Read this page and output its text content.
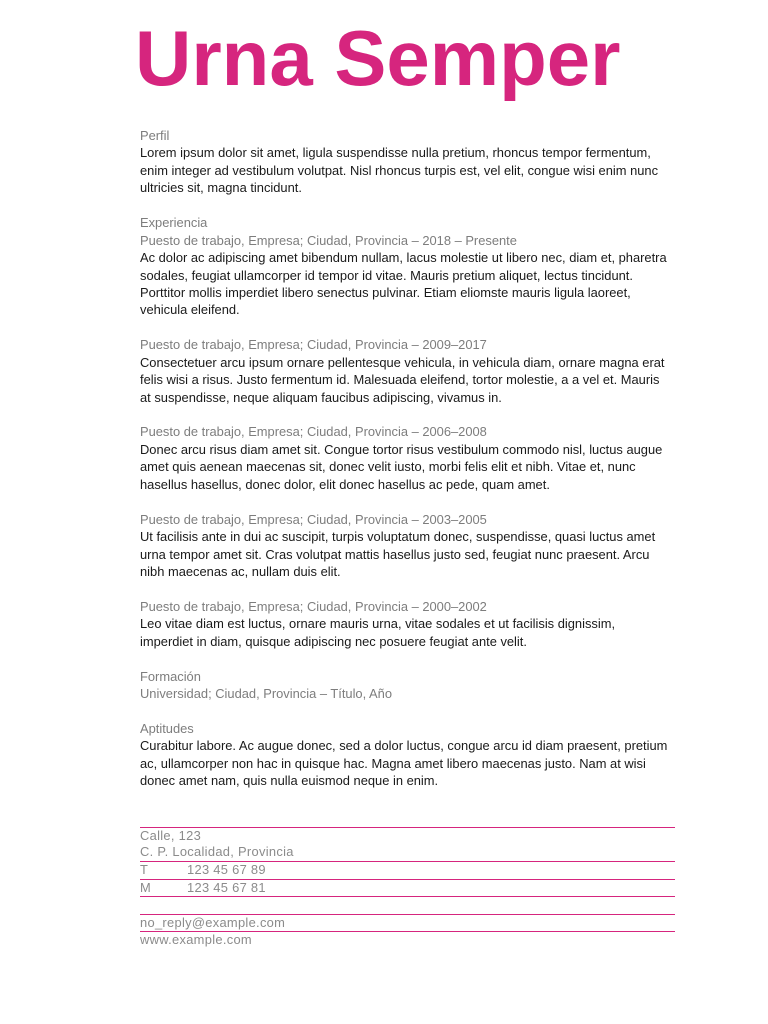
Urna Semper
Perfil
Lorem ipsum dolor sit amet, ligula suspendisse nulla pretium, rhoncus tempor fermentum,
enim integer ad vestibulum volutpat. Nisl rhoncus turpis est, vel elit, congue wisi enim nunc
ultricies sit, magna tincidunt.
Experiencia
Puesto de trabajo, Empresa; Ciudad, Provincia – 2018 – Presente
Ac dolor ac adipiscing amet bibendum nullam, lacus molestie ut libero nec, diam et, pharetra
sodales, feugiat ullamcorper id tempor id vitae. Mauris pretium aliquet, lectus tincidunt.
Porttitor mollis imperdiet libero senectus pulvinar. Etiam eliomste mauris ligula laoreet,
vehicula eleifend.
Puesto de trabajo, Empresa; Ciudad, Provincia – 2009–2017
Consectetuer arcu ipsum ornare pellentesque vehicula, in vehicula diam, ornare magna erat
felis wisi a risus. Justo fermentum id. Malesuada eleifend, tortor molestie, a a vel et. Mauris
at suspendisse, neque aliquam faucibus adipiscing, vivamus in.
Puesto de trabajo, Empresa; Ciudad, Provincia – 2006–2008
Donec arcu risus diam amet sit. Congue tortor risus vestibulum commodo nisl, luctus augue
amet quis aenean maecenas sit, donec velit iusto, morbi felis elit et nibh. Vitae et, nunc
hasellus hasellus, donec dolor, elit donec hasellus ac pede, quam amet.
Puesto de trabajo, Empresa; Ciudad, Provincia – 2003–2005
Ut facilisis ante in dui ac suscipit, turpis voluptatum donec, suspendisse, quasi luctus amet
urna tempor amet sit. Cras volutpat mattis hasellus justo sed, feugiat nunc praesent. Arcu
nibh maecenas ac, nullam duis elit.
Puesto de trabajo, Empresa; Ciudad, Provincia – 2000–2002
Leo vitae diam est luctus, ornare mauris urna, vitae sodales et ut facilisis dignissim,
imperdiet in diam, quisque adipiscing nec posuere feugiat ante velit.
Formación
Universidad; Ciudad, Provincia – Título, Año
Aptitudes
Curabitur labore. Ac augue donec, sed a dolor luctus, congue arcu id diam praesent, pretium
ac, ullamcorper non hac in quisque hac. Magna amet libero maecenas justo. Nam at wisi
donec amet nam, quis nulla euismod neque in enim.
Calle, 123
C. P. Localidad, Provincia
T	123 45 67 89
M	123 45 67 81
no_reply@example.com
www.example.com
